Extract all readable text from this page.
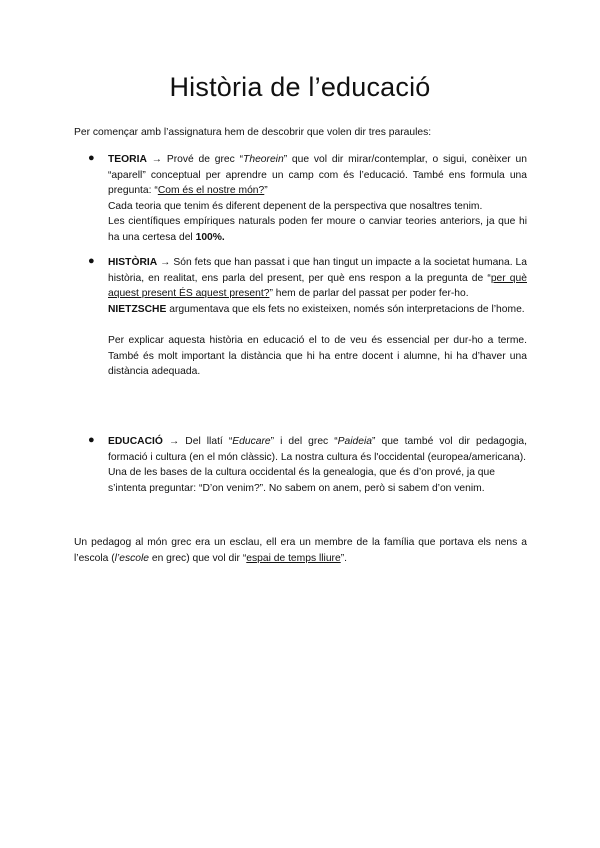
Història de l’educació
Per començar amb l’assignatura hem de descobrir que volen dir tres paraules:
● TEORIA → Prové de grec “Theorein” que vol dir mirar/contemplar, o sigui, conèixer un “aparell” conceptual per aprendre un camp com és l’educació. També ens formula una pregunta: “Com és el nostre món?”

Cada teoria que tenim és diferent depenent de la perspectiva que nosaltres tenim.

Les científiques empíriques naturals poden fer moure o canviar teories anteriors, ja que hi ha una certesa del 100%.

● HISTÒRIA → Són fets que han passat i que han tingut un impacte a la societat humana. La història, en realitat, ens parla del present, per què ens respon a la pregunta de “per què aquest present ÉS aquest present?” hem de parlar del passat per poder fer-ho.

NIETZSCHE argumentava que els fets no existeixen, només són interpretacions de l’home.

Per explicar aquesta història en educació el to de veu és essencial per dur-ho a terme. També és molt important la distància que hi ha entre docent i alumne, hi ha d’haver una distància adequada.

● EDUCACIÓ → Del llatí “Educare” i del grec “Paideia” que també vol dir pedagogia, formació i cultura (en el món clàssic). La nostra cultura és l'occidental (europea/americana).

Una de les bases de la cultura occidental és la genealogia, que és d’on prové, ja que s’intenta preguntar: “D’on venim?”. No sabem on anem, però si sabem d’on venim.

Un pedagog al món grec era un esclau, ell era un membre de la família que portava els nens a l’escola (l’escole en grec) que vol dir “espai de temps lliure”.
